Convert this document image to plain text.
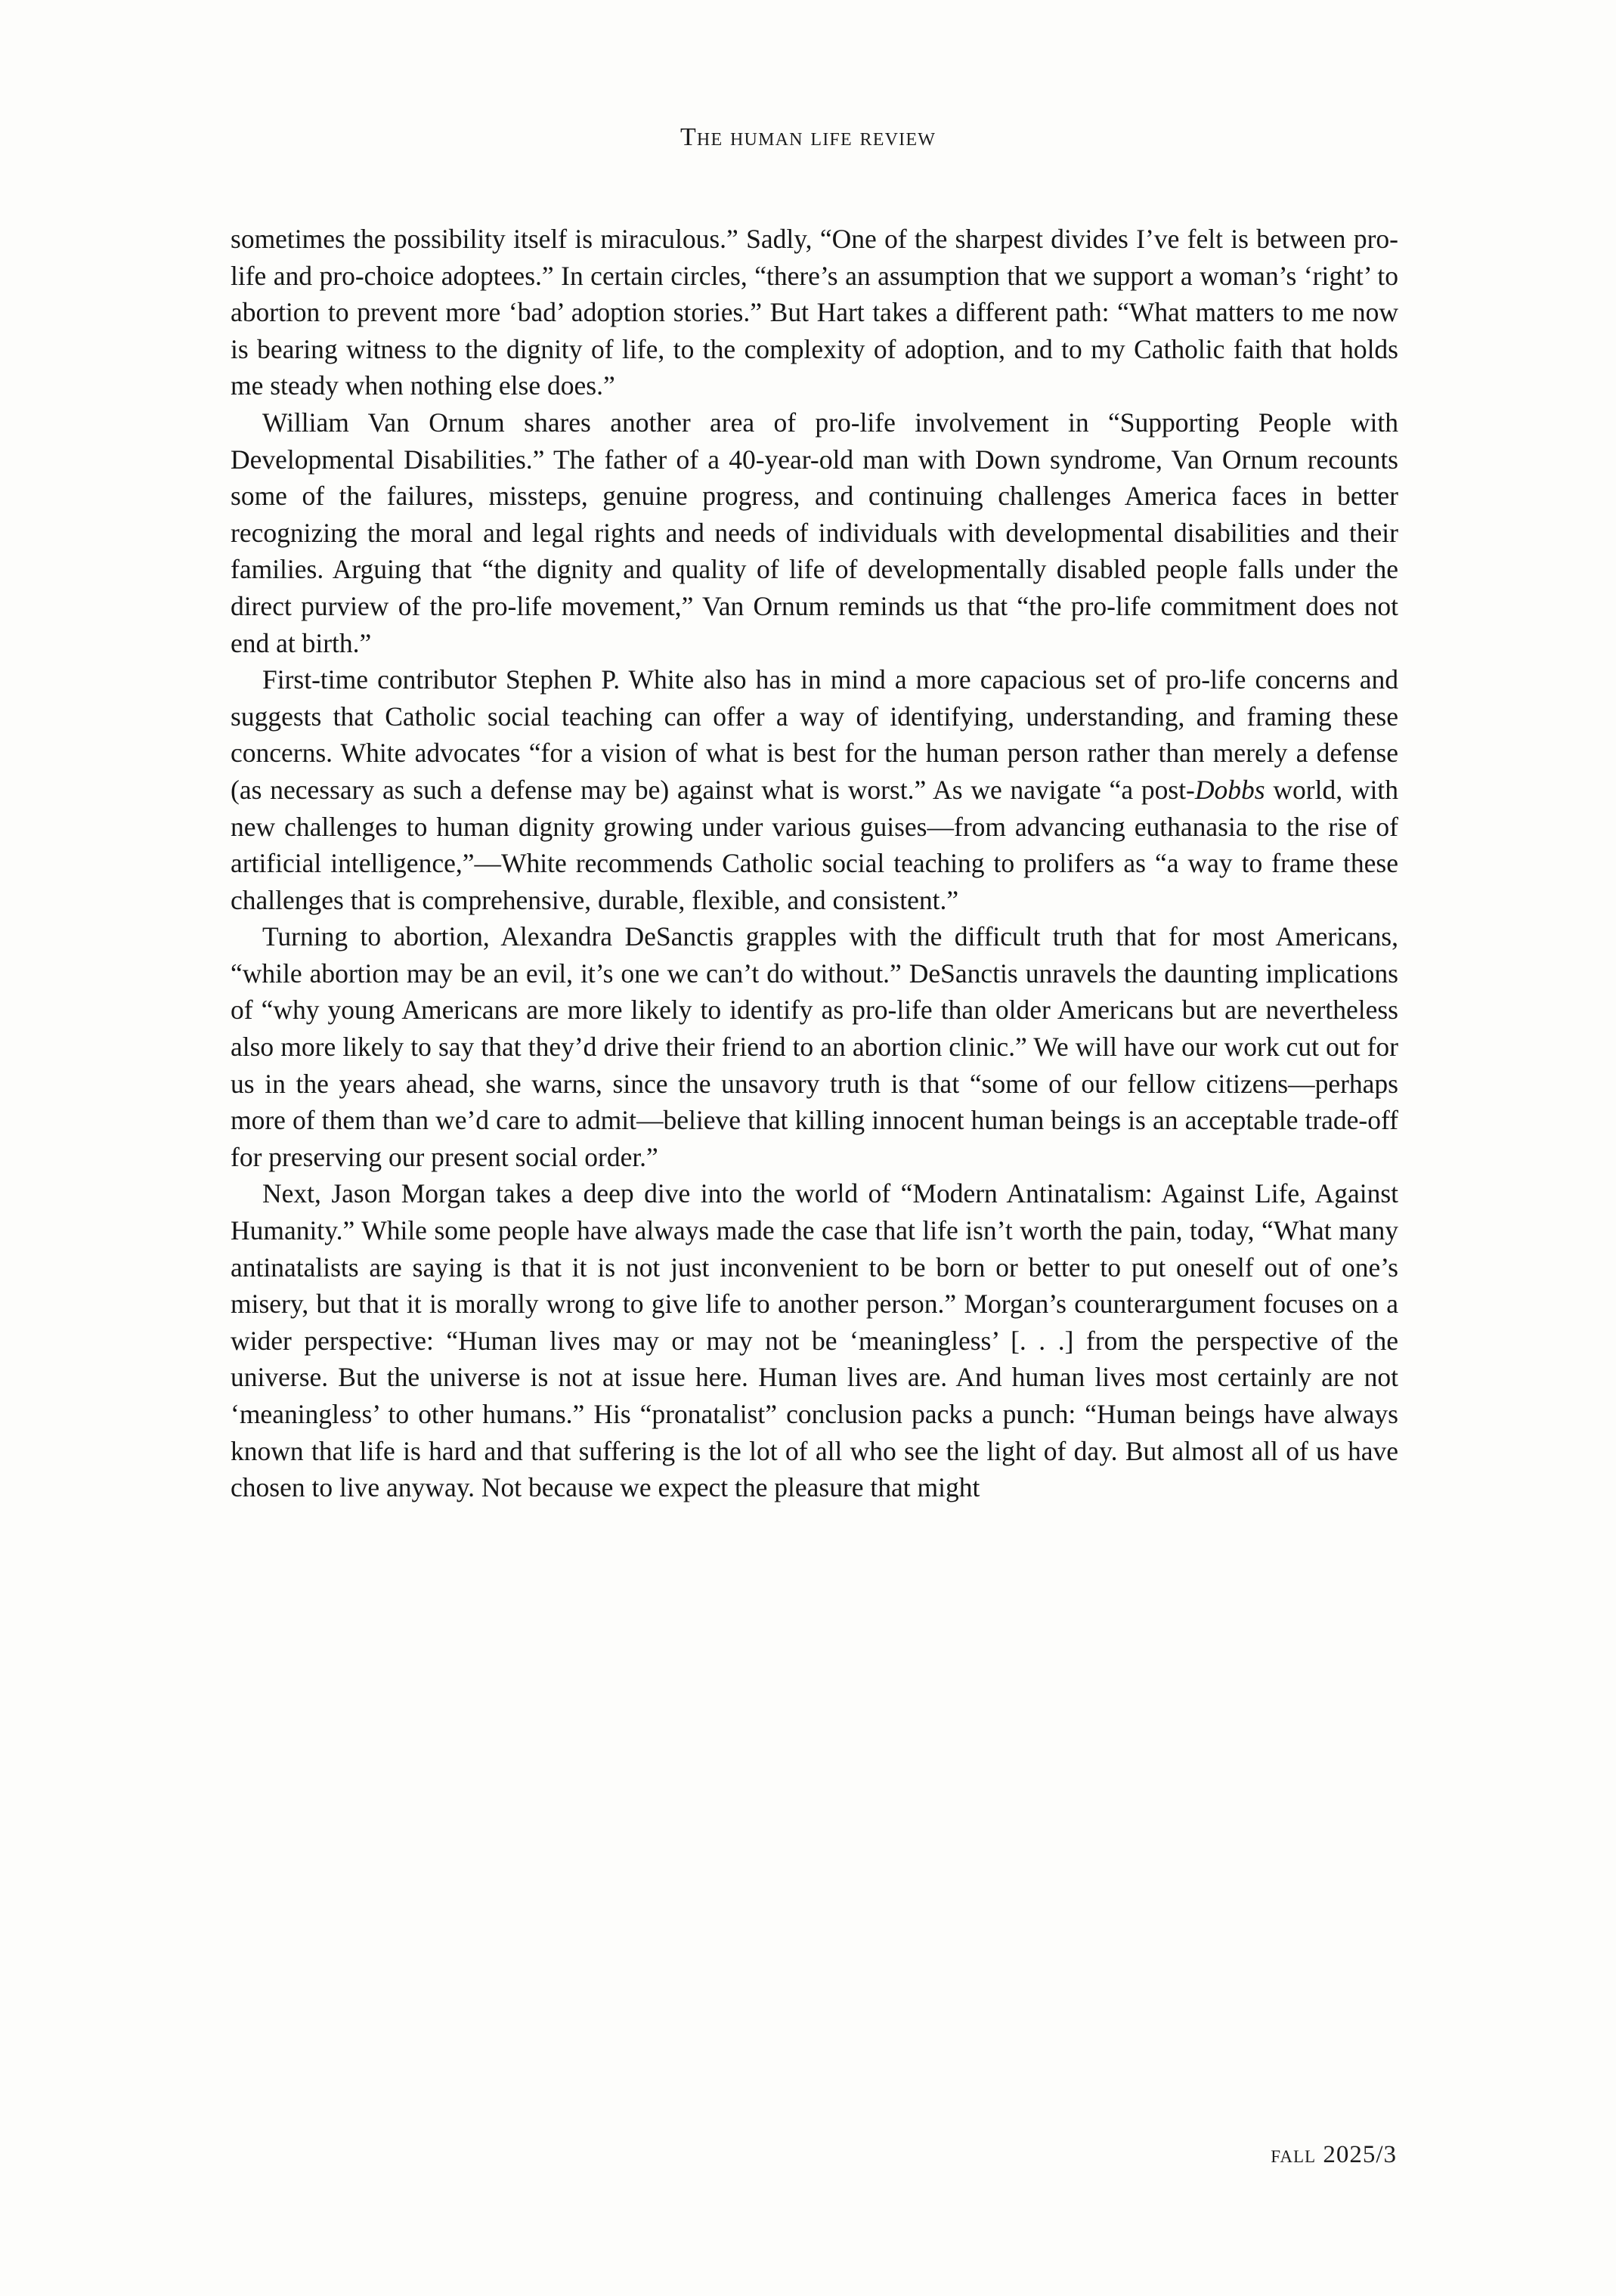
The human life review

sometimes the possibility itself is miraculous.” Sadly, “One of the sharpest divides I’ve felt is between pro-life and pro-choice adoptees.” In certain circles, “there’s an assumption that we support a woman’s ‘right’ to abortion to prevent more ‘bad’ adoption stories.” But Hart takes a different path: “What matters to me now is bearing witness to the dignity of life, to the complexity of adoption, and to my Catholic faith that holds me steady when nothing else does.”

William Van Ornum shares another area of pro-life involvement in “Supporting People with Developmental Disabilities.” The father of a 40-year-old man with Down syndrome, Van Ornum recounts some of the failures, missteps, genuine progress, and continuing challenges America faces in better recognizing the moral and legal rights and needs of individuals with developmental disabilities and their families. Arguing that “the dignity and quality of life of developmentally disabled people falls under the direct purview of the pro-life movement,” Van Ornum reminds us that “the pro-life commitment does not end at birth.”

First-time contributor Stephen P. White also has in mind a more capacious set of pro-life concerns and suggests that Catholic social teaching can offer a way of identifying, understanding, and framing these concerns. White advocates “for a vision of what is best for the human person rather than merely a defense (as necessary as such a defense may be) against what is worst.” As we navigate “a post-Dobbs world, with new challenges to human dignity growing under various guises—from advancing euthanasia to the rise of artificial intelligence,”—White recommends Catholic social teaching to prolifers as “a way to frame these challenges that is comprehensive, durable, flexible, and consistent.”

Turning to abortion, Alexandra DeSanctis grapples with the difficult truth that for most Americans, “while abortion may be an evil, it’s one we can’t do without.” DeSanctis unravels the daunting implications of “why young Americans are more likely to identify as pro-life than older Americans but are nevertheless also more likely to say that they’d drive their friend to an abortion clinic.” We will have our work cut out for us in the years ahead, she warns, since the unsavory truth is that “some of our fellow citizens—perhaps more of them than we’d care to admit—believe that killing innocent human beings is an acceptable trade-off for preserving our present social order.”

Next, Jason Morgan takes a deep dive into the world of “Modern Antinatalism: Against Life, Against Humanity.” While some people have always made the case that life isn’t worth the pain, today, “What many antinatalists are saying is that it is not just inconvenient to be born or better to put oneself out of one’s misery, but that it is morally wrong to give life to another person.” Morgan’s counterargument focuses on a wider perspective: “Human lives may or may not be ‘meaningless’ [. . .] from the perspective of the universe. But the universe is not at issue here. Human lives are. And human lives most certainly are not ‘meaningless’ to other humans.” His “pronatalist” conclusion packs a punch: “Human beings have always known that life is hard and that suffering is the lot of all who see the light of day. But almost all of us have chosen to live anyway. Not because we expect the pleasure that might

fall 2025/3
